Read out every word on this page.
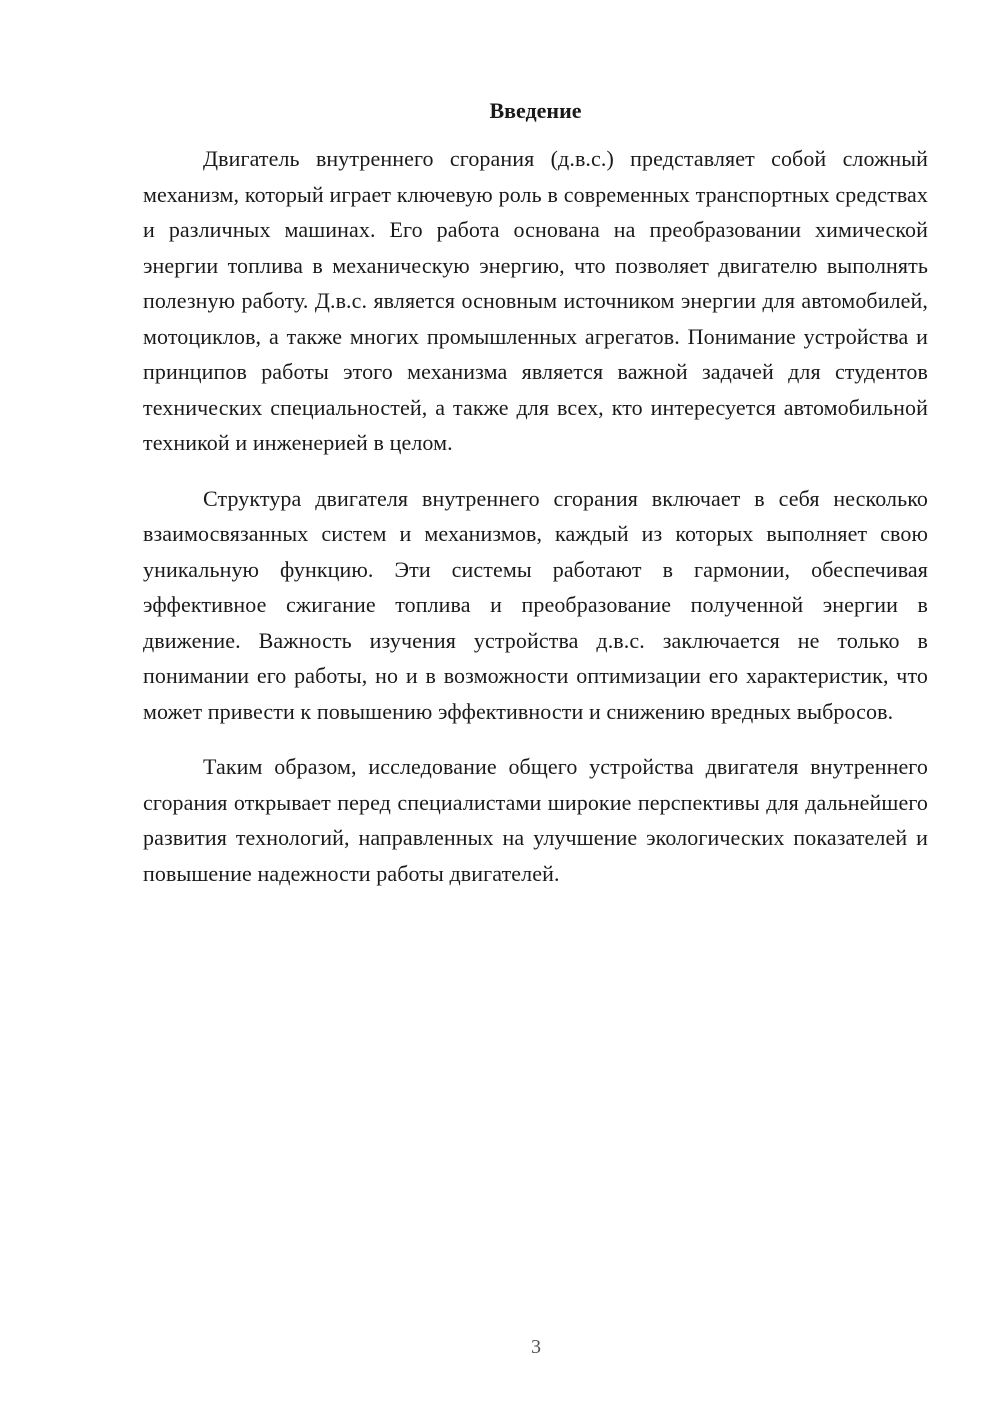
Введение

Двигатель внутреннего сгорания (д.в.с.) представляет собой сложный механизм, который играет ключевую роль в современных транспортных средствах и различных машинах. Его работа основана на преобразовании химической энергии топлива в механическую энергию, что позволяет двигателю выполнять полезную работу. Д.в.с. является основным источником энергии для автомобилей, мотоциклов, а также многих промышленных агрегатов. Понимание устройства и принципов работы этого механизма является важной задачей для студентов технических специальностей, а также для всех, кто интересуется автомобильной техникой и инженерией в целом.

Структура двигателя внутреннего сгорания включает в себя несколько взаимосвязанных систем и механизмов, каждый из которых выполняет свою уникальную функцию. Эти системы работают в гармонии, обеспечивая эффективное сжигание топлива и преобразование полученной энергии в движение. Важность изучения устройства д.в.с. заключается не только в понимании его работы, но и в возможности оптимизации его характеристик, что может привести к повышению эффективности и снижению вредных выбросов.

Таким образом, исследование общего устройства двигателя внутреннего сгорания открывает перед специалистами широкие перспективы для дальнейшего развития технологий, направленных на улучшение экологических показателей и повышение надежности работы двигателей.

3
